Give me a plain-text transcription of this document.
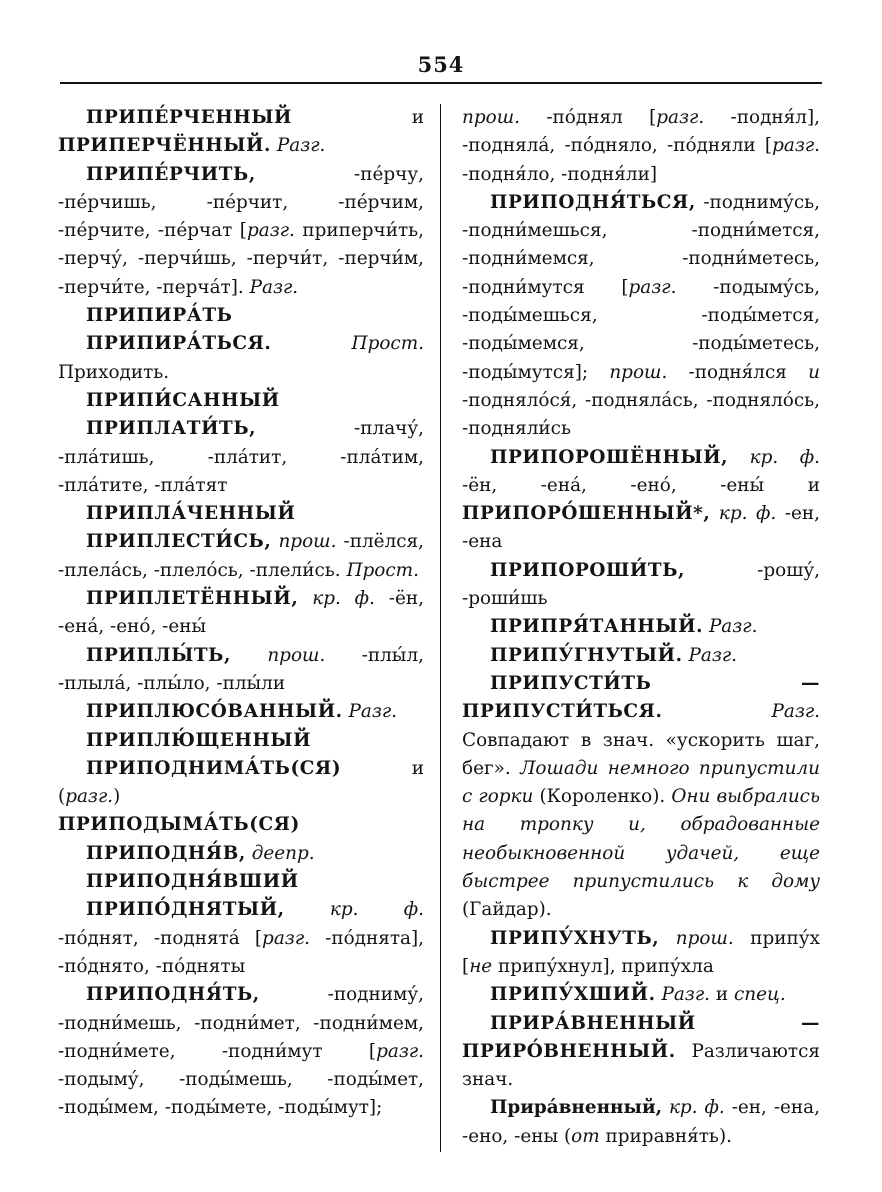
554

ПРИПЕ́РЧЕННЫЙ	и ПРИПЕРЧЁННЫЙ. Разг.

ПРИПЕ́РЧИТЬ,	-пе́рчу, -пе́рчишь, -пе́рчит, -пе́рчим, -пе́рчите, -пе́рчат [разг. приперчи́ть, -перчу́, -перчи́шь, -перчи́т, -перчи́м, -перчи́те, -перча́т]. Разг.

ПРИПИРА́ТЬ

ПРИПИРА́ТЬСЯ.	Прост. Приходить.

ПРИПИ́САННЫЙ

ПРИПЛАТИ́ТЬ,	-плачу́, -пла́тишь, -пла́тит, -пла́тим, -пла́тите, -пла́тят

ПРИПЛА́ЧЕННЫЙ

ПРИПЛЕСТИ́СЬ, прош. -плёлся, -плела́сь, -плело́сь, -плели́сь. Прост.

ПРИПЛЕТЁННЫЙ, кр. ф. -ён, -ена́, -ено́, -ены́

ПРИПЛЫ́ТЬ, прош. -плы́л, -плыла́, -плы́ло, -плы́ли

ПРИПЛЮСО́ВАННЫЙ. Разг.

ПРИПЛЮ́ЩЕННЫЙ

ПРИПОДНИМА́ТЬ(СЯ)	и (разг.)

ПРИПОДЫМА́ТЬ(СЯ)

ПРИПОДНЯ́В, деепр.

ПРИПОДНЯ́ВШИЙ

ПРИПО́ДНЯТЫЙ, кр. ф. -по́днят, -поднята́ [разг. -по́днята], -по́днято, -по́дняты

ПРИПОДНЯ́ТЬ,	-подниму́, -подни́мешь, -подни́мет, -подни́мем, -подни́мете, -подни́мут [разг. -подыму́, -поды́мешь, -поды́мет, -поды́мем, -поды́мете, -поды́мут];

прош. -по́днял [разг. -подня́л], -подняла́, -по́дняло, -по́дняли [разг. -подня́ло, -подня́ли]

ПРИПОДНЯ́ТЬСЯ, -подниму́сь, -подни́мешься, -подни́мется, -подни́мемся, -подни́метесь, -подни́мутся [разг. -подыму́сь, -поды́мешься, -поды́мется, -поды́мемся, -поды́метесь, -поды́мутся]; прош. -подня́лся и -подняло́ся́, -подняла́сь, -подняло́сь, -подняли́сь

ПРИПОРОШЁННЫЙ, кр. ф. -ён, -ена́, -ено́, -ены́ и ПРИПОРО́ШЕННЫЙ*, кр. ф. -ен, -ена

ПРИПОРОШИ́ТЬ,	-рошу́, -роши́шь

ПРИПРЯ́ТАННЫЙ. Разг.

ПРИПУ́ГНУТЫЙ. Разг.

ПРИПУСТИ́ТЬ — ПРИПУСТИ́ТЬСЯ.	Разг. Совпадают в знач. «ускорить шаг, бег». Лошади немного припустили с горки (Короленко). Они выбрались на тропку и, обрадованные необыкновенной удачей, еще быстрее припустились к дому (Гайдар).

ПРИПУ́ХНУТЬ, прош. припу́х [не припу́хнул], припу́хла

ПРИПУ́ХШИЙ. Разг. и спец.

ПРИРА́ВНЕННЫЙ — ПРИРО́ВНЕННЫЙ. Различаются знач.

Прира́вненный, кр. ф. -ен, -ена, -ено, -ены (от приравня́ть).
